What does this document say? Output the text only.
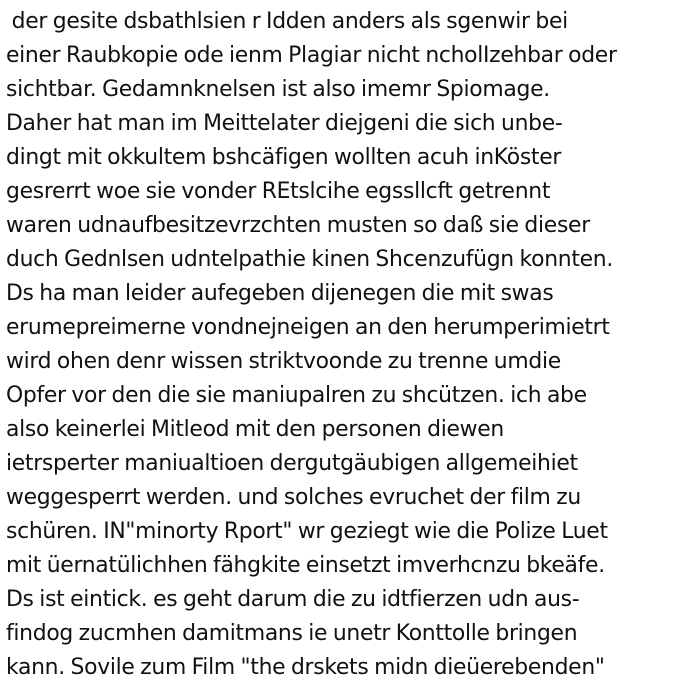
der gesite dsbathlsien r Idden anders als sgenwir bei
einer Raubkopie ode ienm Plagiar nicht ncholIzehbar oder
sichtbar. Gedamnknelsen ist also imemr Spiomage.
Daher hat man im Meittelater diejgeni die sich unbe-
dingt mit okkultem bshcäfigen wollten acuh inKöster
gesrerrt woe sie vonder REtslcihe egssllcft getrennt
waren udnaufbesitzevrzchten musten so daß sie dieser
duch Gednlsen udntelpathie kinen Shcenzufügn konnten.
Ds ha man leider aufegeben dijenegen die mit swas
erumepreimerne vondnejneigen an den herumperimietrt
wird ohen denr wissen striktvoonde zu trenne umdie
Opfer vor den die sie maniupalren zu shcützen. ich abe
also keinerlei Mitleod mit den personen diewen
ietrsperter maniualtioen dergutgäubigen allgemeihiet
weggesperrt werden. und solches evruchet der film zu
schüren. IN"minorty Rport" wr geziegt wie die Polize Luet
mit üernatülichhen fähgkite einsetzt imverhcnzu bkeäfe.
Ds ist eintick. es geht darum die zu idtfierzen udn aus-
findog zucmhen damitmans ie unetr Konttolle bringen
kann. Sovile zum Film "the drskets midn dieüerebenden"
